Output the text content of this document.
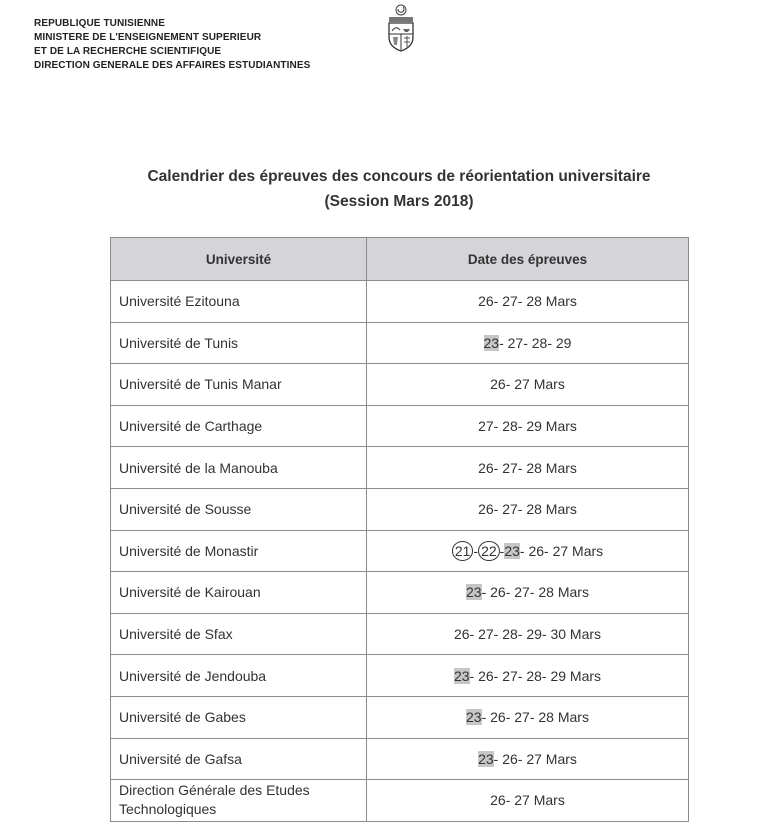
REPUBLIQUE TUNISIENNE
MINISTERE DE L'ENSEIGNEMENT SUPERIEUR
ET DE LA RECHERCHE SCIENTIFIQUE
DIRECTION GENERALE DES AFFAIRES ESTUDIANTINES
Calendrier des épreuves des concours de réorientation universitaire
(Session Mars 2018)
Université	Date des épreuves
Université Ezitouna	26- 27- 28 Mars
Université de Tunis	23- 27- 28- 29
Université de Tunis Manar	26- 27 Mars
Université de Carthage	27- 28- 29 Mars
Université de la Manouba	26- 27- 28 Mars
Université de Sousse	26- 27- 28 Mars
Université de Monastir	21 - 22 -23- 26- 27 Mars
Université de Kairouan	23- 26- 27- 28 Mars
Université de Sfax	26- 27- 28- 29- 30 Mars
Université de Jendouba	23- 26- 27- 28- 29 Mars
Université de Gabes	23- 26- 27- 28 Mars
Université de Gafsa	23- 26- 27 Mars
Direction Générale des Etudes Technologiques	26- 27 Mars
